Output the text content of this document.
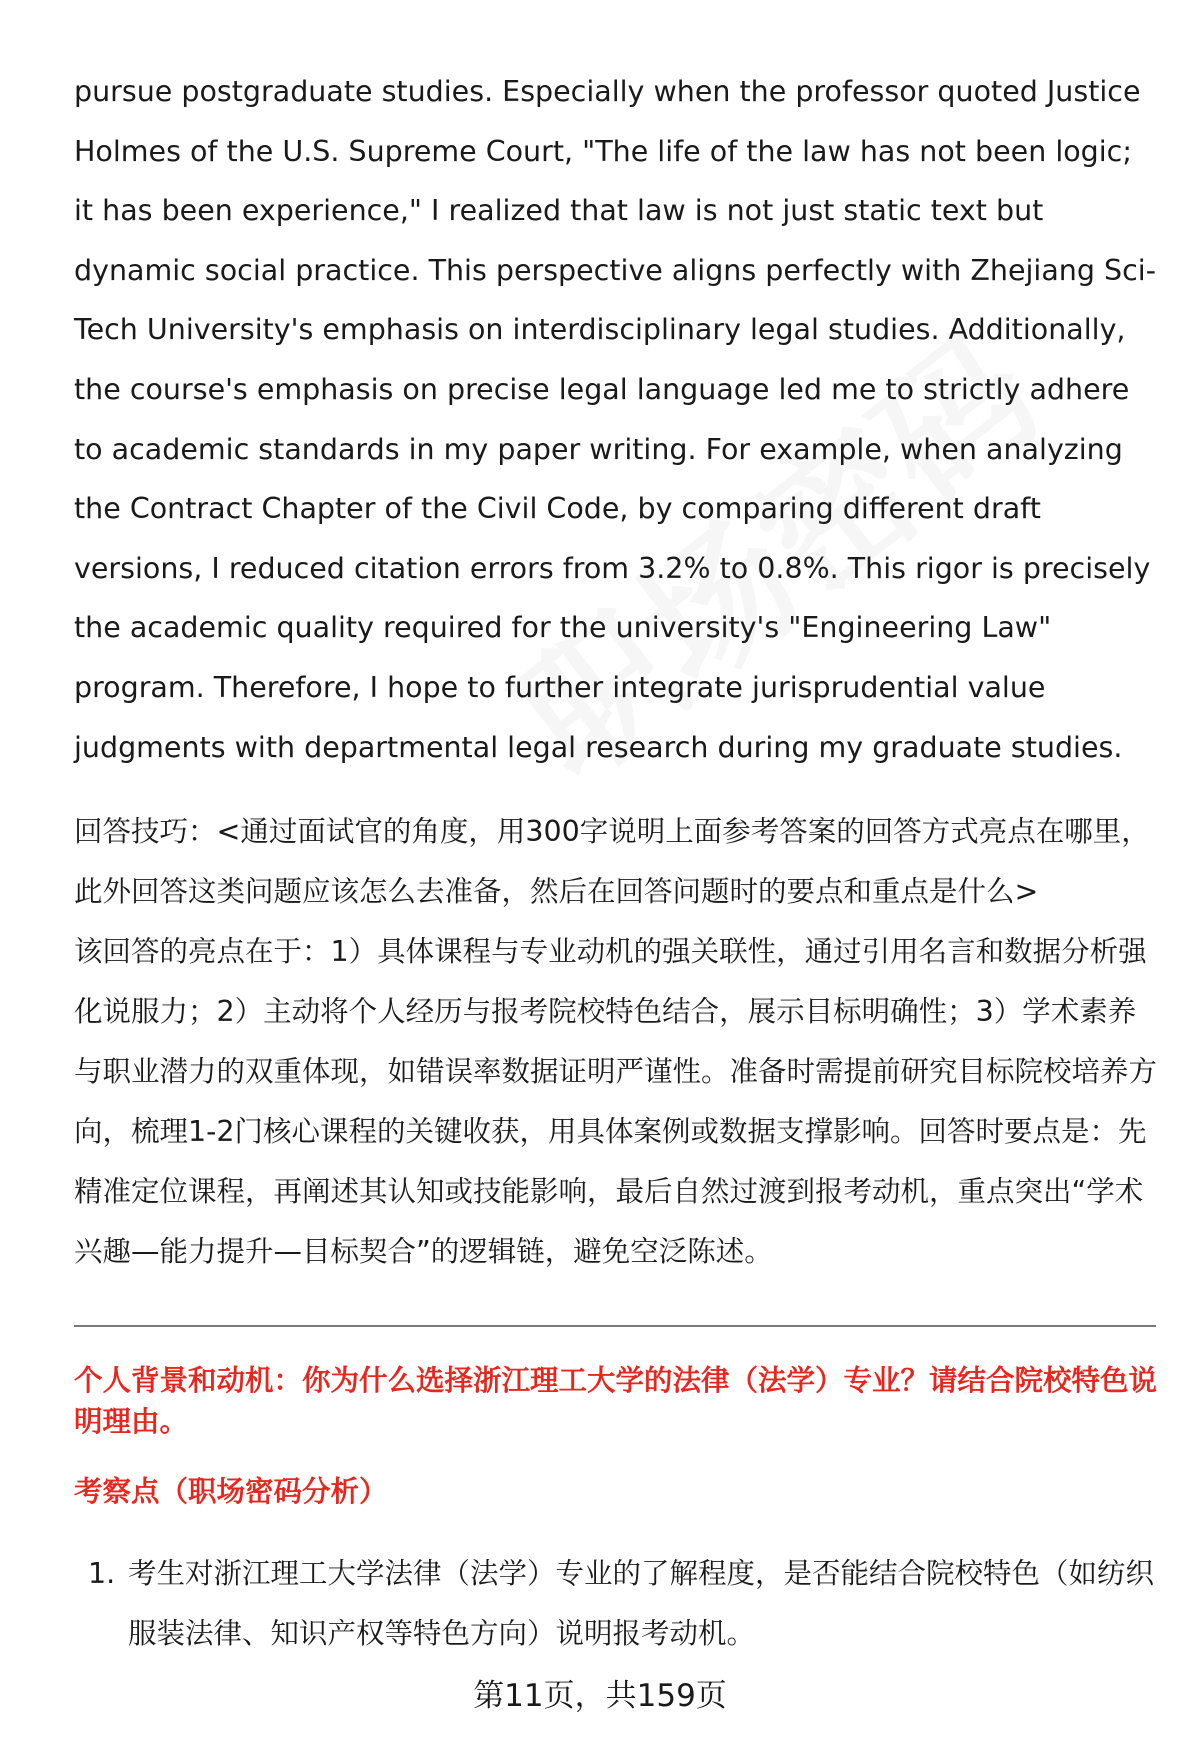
pursue postgraduate studies. Especially when the professor quoted Justice Holmes of the U.S. Supreme Court, "The life of the law has not been logic; it has been experience," I realized that law is not just static text but dynamic social practice. This perspective aligns perfectly with Zhejiang Sci-Tech University's emphasis on interdisciplinary legal studies. Additionally, the course's emphasis on precise legal language led me to strictly adhere to academic standards in my paper writing. For example, when analyzing the Contract Chapter of the Civil Code, by comparing different draft versions, I reduced citation errors from 3.2% to 0.8%. This rigor is precisely the academic quality required for the university's "Engineering Law" program. Therefore, I hope to further integrate jurisprudential value judgments with departmental legal research during my graduate studies.

回答技巧：<通过面试官的角度，用300字说明上面参考答案的回答方式亮点在哪里，此外回答这类问题应该怎么去准备，然后在回答问题时的要点和重点是什么>

该回答的亮点在于：1）具体课程与专业动机的强关联性，通过引用名言和数据分析强化说服力；2）主动将个人经历与报考院校特色结合，展示目标明确性；3）学术素养与职业潜力的双重体现，如错误率数据证明严谨性。准备时需提前研究目标院校培养方向，梳理1-2门核心课程的关键收获，用具体案例或数据支撑影响。回答时要点是：先精准定位课程，再阐述其认知或技能影响，最后自然过渡到报考动机，重点突出“学术兴趣—能力提升—目标契合”的逻辑链，避免空泛陈述。

个人背景和动机：你为什么选择浙江理工大学的法律（法学）专业？请结合院校特色说明理由。
考察点（职场密码分析）
1. 考生对浙江理工大学法律（法学）专业的了解程度，是否能结合院校特色（如纺织服装法律、知识产权等特色方向）说明报考动机。
第11页，共159页
